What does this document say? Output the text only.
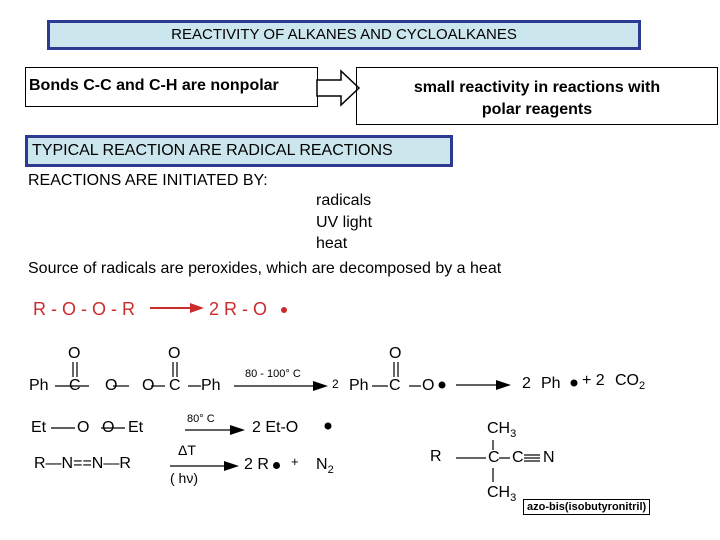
REACTIVITY OF ALKANES AND CYCLOALKANES
Bonds C-C and C-H are nonpolar	small reactivity in reactions with
polar reagents
TYPICAL REACTION ARE RADICAL REACTIONS
REACTIONS ARE INITIATED BY:
radicals
UV light
heat
Source of radicals are peroxides, which are decomposed by a heat
R - O - O - R	2 R - O
O	O
Ph C O O C Ph
80 - 100° C
2 Ph C
O
O	2 Ph + 2 $CO_2$
Et O O Et	80° C 2 Et-O
R—N==N—R
ΔT
( hν)
2 $R + N_2$
R
$CH_3$
C C N
$CH_3$
azo-bis(isobutyronitril)
